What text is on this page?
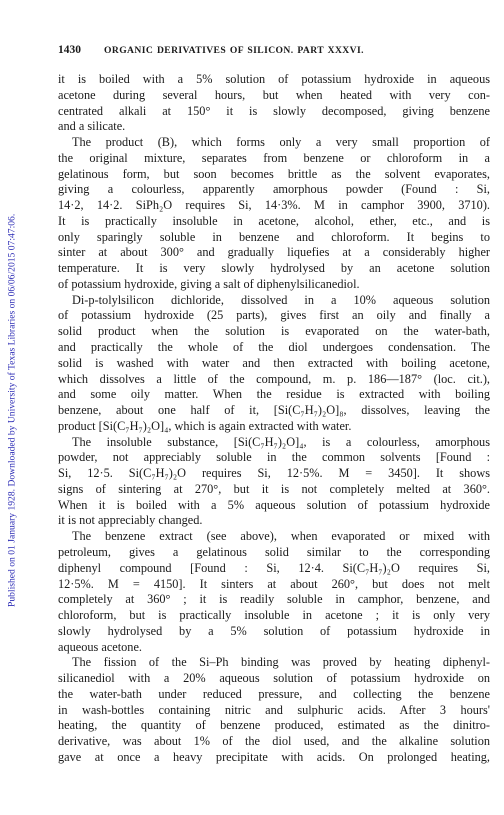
Published on 01 January 1928. Downloaded by University of Texas Libraries on 06/06/2015 07:47:06.
1430 ORGANIC DERIVATIVES OF SILICON. PART XXXVI.
it is boiled with a 5% solution of potassium hydroxide in aqueous
acetone during several hours, but when heated with very con-
centrated alkali at 150° it is slowly decomposed, giving benzene
and a silicate.
The product (B), which forms only a very small proportion of
the original mixture, separates from benzene or chloroform in a
gelatinous form, but soon becomes brittle as the solvent evaporates,
giving a colourless, apparently amorphous powder (Found : Si,
14·2, 14·2. SiPh₂O requires Si, 14·3%. M in camphor 3900, 3710).
It is practically insoluble in acetone, alcohol, ether, etc., and is
only sparingly soluble in benzene and chloroform. It begins to
sinter at about 300° and gradually liquefies at a considerably higher
temperature. It is very slowly hydrolysed by an acetone solution
of potassium hydroxide, giving a salt of diphenylsilicanediol.
Di-p-tolylsilicon dichloride, dissolved in a 10% aqueous solution
of potassium hydroxide (25 parts), gives first an oily and finally a
solid product when the solution is evaporated on the water-bath,
and practically the whole of the diol undergoes condensation. The
solid is washed with water and then extracted with boiling acetone,
which dissolves a little of the compound, m. p. 186—187° (loc. cit.),
and some oily matter. When the residue is extracted with boiling
benzene, about one half of it, [Si(C₇H₇)₂O]₈, dissolves, leaving the
product [Si(C₇H₇)₂O]₄, which is again extracted with water.
The insoluble substance, [Si(C₇H₇)₂O]₄, is a colourless, amorphous
powder, not appreciably soluble in the common solvents [Found :
Si, 12·5. Si(C₇H₇)₂O requires Si, 12·5%. M = 3450]. It shows
signs of sintering at 270°, but it is not completely melted at 360°.
When it is boiled with a 5% aqueous solution of potassium hydroxide
it is not appreciably changed.
The benzene extract (see above), when evaporated or mixed with
petroleum, gives a gelatinous solid similar to the corresponding
diphenyl compound [Found : Si, 12·4. Si(C₇H₇)₂O requires Si,
12·5%. M = 4150]. It sinters at about 260°, but does not melt
completely at 360° ; it is readily soluble in camphor, benzene, and
chloroform, but is practically insoluble in acetone ; it is only very
slowly hydrolysed by a 5% solution of potassium hydroxide in
aqueous acetone.
The fission of the Si–Ph binding was proved by heating diphenyl-
silicanediol with a 20% aqueous solution of potassium hydroxide on
the water-bath under reduced pressure, and collecting the benzene
in wash-bottles containing nitric and sulphuric acids. After 3 hours'
heating, the quantity of benzene produced, estimated as the dinitro-
derivative, was about 1% of the diol used, and the alkaline solution
gave at once a heavy precipitate with acids. On prolonged heating,
